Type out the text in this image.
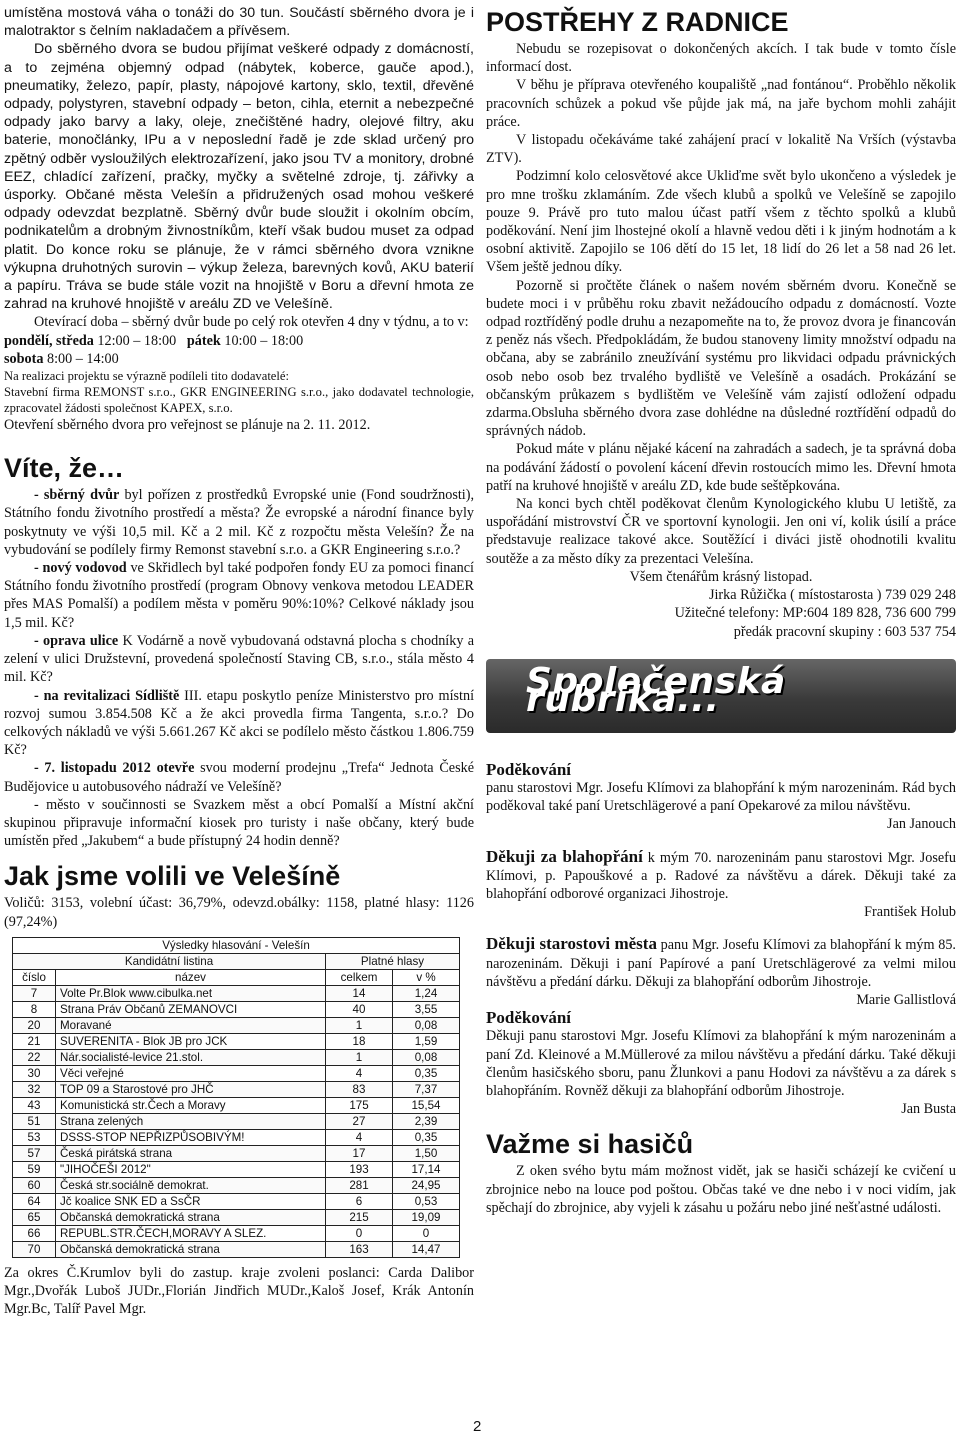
umístěna mostová váha o tonáži do 30 tun. Součástí sběrného dvora je i malotraktor s čelním nakladačem a přívěsem.

Do sběrného dvora se budou přijímat veškeré odpady z domácností, a to zejména objemný odpad (nábytek, koberce, gauče apod.), pneumatiky, železo, papír, plasty, nápojové kartony, sklo, textil, dřevěné odpady, polystyren, stavební odpady – beton, cihla, eternit a nebezpečné odpady jako barvy a laky, oleje, znečištěné hadry, olejové filtry, aku baterie, monočlánky, IPu a v neposlední řadě je zde sklad určený pro zpětný odběr vysloužilých elektrozařízení, jako jsou TV a monitory, drobné EEZ, chladící zařízení, pračky, myčky a světelné zdroje, tj. zářivky a úsporky. Občané města Velešín a přidružených osad mohou veškeré odpady odevzdat bezplatně. Sběrný dvůr bude sloužit i okolním obcím, podnikatelům a drobným živnostníkům, kteří však budou muset za odpad platit. Do konce roku se plánuje, že v rámci sběrného dvora vznikne výkupna druhotných surovin – výkup železa, barevných kovů, AKU baterií a papíru. Tráva se bude stále vozit na hnojiště v Boru a dřevní hmota ze zahrad na kruhové hnojiště v areálu ZD ve Velešíně.

Otevírací doba – sběrný dvůr bude po celý rok otevřen 4 dny v týdnu, a to v:

pondělí, středa 12:00 – 18:00 pátek 10:00 – 18:00

sobota 8:00 – 14:00

Na realizaci projektu se výrazně podíleli tito dodavatelé:

Stavební firma REMONST s.r.o., GKR ENGINEERING s.r.o., jako dodavatel technologie, zpracovatel žádosti společnost KAPEX, s.r.o.

Otevření sběrného dvora pro veřejnost se plánuje na 2. 11. 2012.

Víte, že…

- sběrný dvůr byl pořízen z prostředků Evropské unie (Fond soudržnosti), Státního fondu životního prostředí a města? Že evropské a národní finance byly poskytnuty ve výši 10,5 mil. Kč a 2 mil. Kč z rozpočtu města Velešín? Že na vybudování se podílely firmy Remonst stavební s.r.o. a GKR Engineering s.r.o.?

- nový vodovod ve Skřidlech byl také podpořen fondy EU za pomoci financí Státního fondu životního prostředí (program Obnovy venkova metodou LEADER přes MAS Pomalší) a podílem města v poměru 90%:10%? Celkové náklady jsou 1,5 mil. Kč?

- oprava ulice K Vodárně a nově vybudovaná odstavná plocha s chodníky a zelení v ulici Družstevní, provedená společností Staving CB, s.r.o., stála město 4 mil. Kč?

- na revitalizaci Sídliště III. etapu poskytlo peníze Ministerstvo pro místní rozvoj sumou 3.854.508 Kč a že akci provedla firma Tangenta, s.r.o.? Do celkových nákladů ve výši 5.661.267 Kč akci se podílelo město částkou 1.806.759 Kč?

- 7. listopadu 2012 otevře svou moderní prodejnu „Trefa“ Jednota České Budějovice u autobusového nádraží ve Velešíně?

- město v součinnosti se Svazkem měst a obcí Pomalší a Místní akční skupinou připravuje informační kiosek pro turisty i naše občany, který bude umístěn před „Jakubem“ a bude přístupný 24 hodin denně?

Jak jsme volili ve Velešíně

Voličů: 3153, volební účast: 36,79%, odevzd.obálky: 1158, platné hlasy: 1126 (97,24%)

Výsledky hlasování - Velešín			
Kandidátní listina		Platné hlasy	
číslo	název	celkem	v %
7	Volte Pr.Blok www.cibulka.net	14	1,24
8	Strana Práv Občanů ZEMANOVCI	40	3,55
20	Moravané	1	0,08
21	SUVERENITA - Blok JB pro JCK	18	1,59
22	Nár.socialisté-levice 21.stol.	1	0,08
30	Věci veřejné	4	0,35
32	TOP 09 a Starostové pro JHČ	83	7,37
43	Komunistická str.Čech a Moravy	175	15,54
51	Strana zelených	27	2,39
53	DSSS-STOP NEPŘIZPŮSOBIVÝM!	4	0,35
57	Česká pirátská strana	17	1,50
59	"JIHOČEŠI 2012"	193	17,14
60	Česká str.sociálně demokrat.	281	24,95
64	Jč koalice SNK ED a SsČR	6	0,53
65	Občanská demokratická strana	215	19,09
66	REPUBL.STR.ČECH,MORAVY A SLEZ.	0	0
70	Občanská demokratická strana	163	14,47

Za okres Č.Krumlov byli do zastup. kraje zvoleni poslanci: Carda Dalibor Mgr.,Dvořák Luboš JUDr.,Florián Jindřich MUDr.,Kaloš Josef, Krák Antonín Mgr.Bc, Talíř Pavel Mgr.

POSTŘEHY Z RADNICE

Nebudu se rozepisovat o dokončených akcích. I tak bude v tomto čísle informací dost.

V běhu je příprava otevřeného koupaliště „nad fontánou“. Proběhlo několik pracovních schůzek a pokud vše půjde jak má, na jaře bychom mohli zahájit práce.

V listopadu očekáváme také zahájení prací v lokalitě Na Vrších (výstavba ZTV).

Podzimní kolo celosvětové akce Ukliďme svět bylo ukončeno a výsledek je pro mne trošku zklamáním. Zde všech klubů a spolků ve Velešíně se zapojilo pouze 9. Právě pro tuto malou účast patří všem z těchto spolků a klubů poděkování. Není jim lhostejné okolí a hlavně vedou děti i k jiným hodnotám a k osobní aktivitě. Zapojilo se 106 dětí do 15 let, 18 lidí do 26 let a 58 nad 26 let. Všem ještě jednou díky.

Pozorně si pročtěte článek o našem novém sběrném dvoru. Konečně se budete moci i v průběhu roku zbavit nežádoucího odpadu z domácností. Vozte odpad roztříděný podle druhu a nezapomeňte na to, že provoz dvora je financován z peněz nás všech. Předpokládám, že budou stanoveny limity množství odpadu na občana, aby se zabránilo zneužívání systému pro likvidaci odpadu právnických osob nebo osob bez trvalého bydliště ve Velešíně a osadách. Prokázání se občanským průkazem s bydlištěm ve Velešíně vám zajistí odložení odpadu zdarma.Obsluha sběrného dvora zase dohlédne na důsledné roztřídění odpadů do správných nádob.

Pokud máte v plánu nějaké kácení na zahradách a sadech, je ta správná doba na podávání žádostí o povolení kácení dřevin rostoucích mimo les. Dřevní hmota patří na kruhové hnojiště v areálu ZD, kde bude seštěpkována.

Na konci bych chtěl poděkovat členům Kynologického klubu U letiště, za uspořádání mistrovství ČR ve sportovní kynologii. Jen oni ví, kolik úsilí a práce představuje realizace takové akce. Soutěžící i diváci jistě ohodnotili kvalitu soutěže a za město díky za prezentaci Velešína.

Všem čtenářům krásný listopad.

Jirka Růžička ( místostarosta ) 739 029 248

Užitečné telefony: MP:604 189 828, 736 600 799

předák pracovní skupiny : 603 537 754

Společenská rubrika...

Poděkování

panu starostovi Mgr. Josefu Klímovi za blahopřání k mým narozeninám. Rád bych poděkoval také paní Uretschlägerové a paní Opekarové za milou návštěvu.

Jan Janouch

Děkuji za blahopřání k mým 70. narozeninám panu starostovi Mgr. Josefu Klímovi, p. Papouškové a p. Radové za návštěvu a dárek. Děkuji také za blahopřání odborové organizaci Jihostroje.

František Holub

Děkuji starostovi města panu Mgr. Josefu Klímovi za blahopřání k mým 85. narozeninám. Děkuji i paní Papírové a paní Uretschlägerové za velmi milou návštěvu a předání dárku. Děkuji za blahopřání odborům Jihostroje.

Marie Gallistlová

Poděkování

Děkuji panu starostovi Mgr. Josefu Klímovi za blahopřání k mým narozeninám a paní Zd. Kleinové a M.Müllerové za milou návštěvu a předání dárku. Také děkuji členům hasičského sboru, panu Žlunkovi a panu Hodovi za návštěvu a za dárek s blahopřáním. Rovněž děkuji za blahopřání odborům Jihostroje.

Jan Busta

Važme si hasičů

Z oken svého bytu mám možnost vidět, jak se hasiči scházejí ke cvičení u zbrojnice nebo na louce pod poštou. Občas také ve dne nebo i v noci vidím, jak spěchají do zbrojnice, aby vyjeli k zásahu u požáru nebo jiné nešťastné události.

2
